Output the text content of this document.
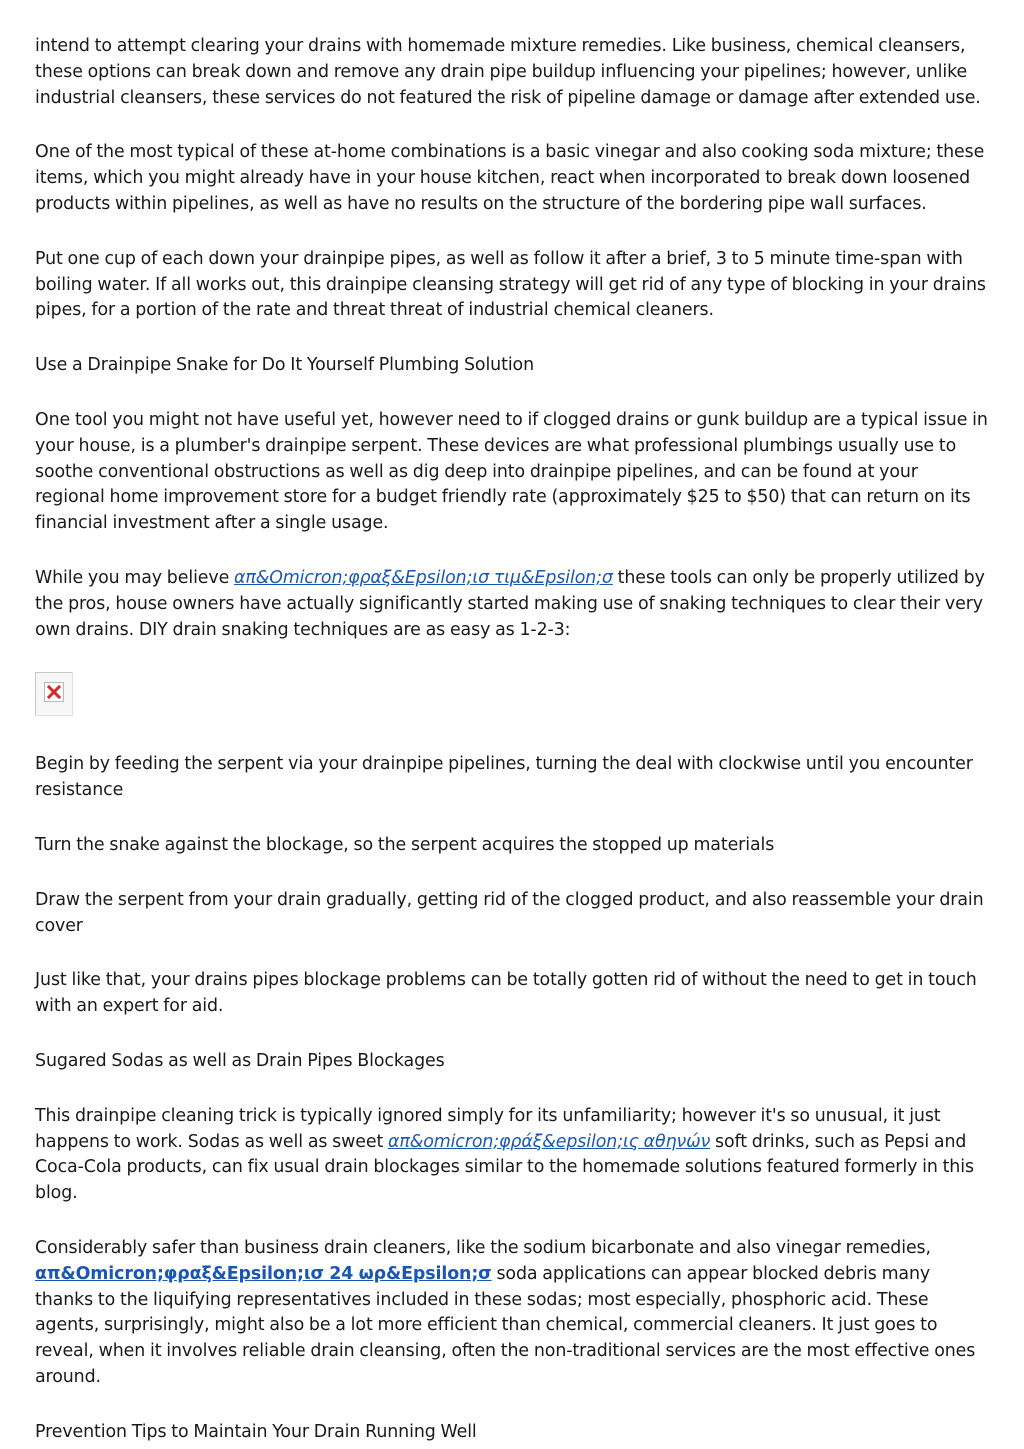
intend to attempt clearing your drains with homemade mixture remedies. Like business, chemical cleansers, these options can break down and remove any drain pipe buildup influencing your pipelines; however, unlike industrial cleansers, these services do not featured the risk of pipeline damage or damage after extended use.

One of the most typical of these at-home combinations is a basic vinegar and also cooking soda mixture; these items, which you might already have in your house kitchen, react when incorporated to break down loosened products within pipelines, as well as have no results on the structure of the bordering pipe wall surfaces.

Put one cup of each down your drainpipe pipes, as well as follow it after a brief, 3 to 5 minute time-span with boiling water. If all works out, this drainpipe cleansing strategy will get rid of any type of blocking in your drains pipes, for a portion of the rate and threat threat of industrial chemical cleaners.

Use a Drainpipe Snake for Do It Yourself Plumbing Solution

One tool you might not have useful yet, however need to if clogged drains or gunk buildup are a typical issue in your house, is a plumber's drainpipe serpent. These devices are what professional plumbings usually use to soothe conventional obstructions as well as dig deep into drainpipe pipelines, and can be found at your regional home improvement store for a budget friendly rate (approximately $25 to $50) that can return on its financial investment after a single usage.

While you may believe απ&Omicron;φραξ&Epsilon;ισ τιμ&Epsilon;σ these tools can only be properly utilized by the pros, house owners have actually significantly started making use of snaking techniques to clear their very own drains. DIY drain snaking techniques are as easy as 1-2-3:

Begin by feeding the serpent via your drainpipe pipelines, turning the deal with clockwise until you encounter resistance

Turn the snake against the blockage, so the serpent acquires the stopped up materials

Draw the serpent from your drain gradually, getting rid of the clogged product, and also reassemble your drain cover

Just like that, your drains pipes blockage problems can be totally gotten rid of without the need to get in touch with an expert for aid.

Sugared Sodas as well as Drain Pipes Blockages

This drainpipe cleaning trick is typically ignored simply for its unfamiliarity; however it's so unusual, it just happens to work. Sodas as well as sweet απ&omicron;φράξ&epsilon;ις αθηνών soft drinks, such as Pepsi and Coca-Cola products, can fix usual drain blockages similar to the homemade solutions featured formerly in this blog.

Considerably safer than business drain cleaners, like the sodium bicarbonate and also vinegar remedies, απ&Omicron;φραξ&Epsilon;ισ 24 ωρ&Epsilon;σ soda applications can appear blocked debris many thanks to the liquifying representatives included in these sodas; most especially, phosphoric acid. These agents, surprisingly, might also be a lot more efficient than chemical, commercial cleaners. It just goes to reveal, when it involves reliable drain cleansing, often the non-traditional services are the most effective ones around.

Prevention Tips to Maintain Your Drain Running Well
